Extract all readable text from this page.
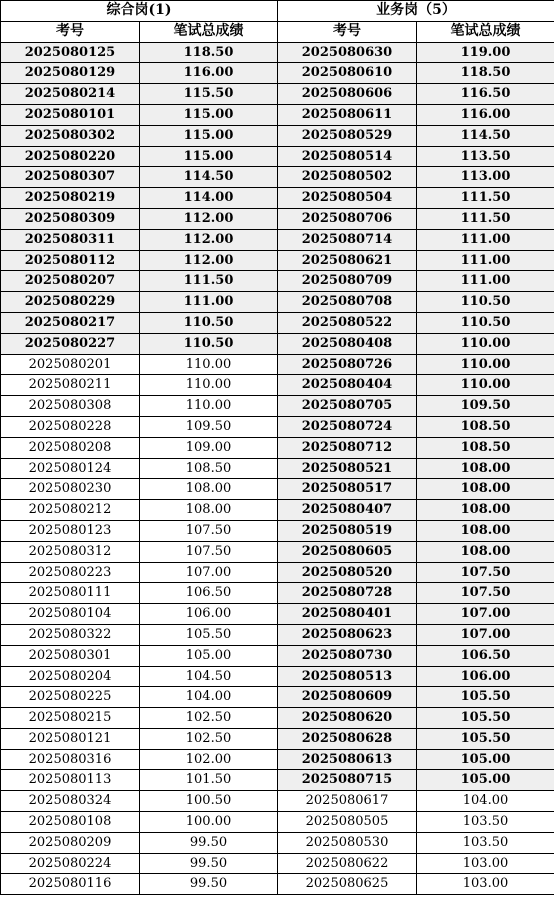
综合岗(1)		业务岗（5）	
考号	笔试总成绩	考号	笔试总成绩
2025080125	118.50	2025080630	119.00
2025080129	116.00	2025080610	118.50
2025080214	115.50	2025080606	116.50
2025080101	115.00	2025080611	116.00
2025080302	115.00	2025080529	114.50
2025080220	115.00	2025080514	113.50
2025080307	114.50	2025080502	113.00
2025080219	114.00	2025080504	111.50
2025080309	112.00	2025080706	111.50
2025080311	112.00	2025080714	111.00
2025080112	112.00	2025080621	111.00
2025080207	111.50	2025080709	111.00
2025080229	111.00	2025080708	110.50
2025080217	110.50	2025080522	110.50
2025080227	110.50	2025080408	110.00
2025080201	110.00	2025080726	110.00
2025080211	110.00	2025080404	110.00
2025080308	110.00	2025080705	109.50
2025080228	109.50	2025080724	108.50
2025080208	109.00	2025080712	108.50
2025080124	108.50	2025080521	108.00
2025080230	108.00	2025080517	108.00
2025080212	108.00	2025080407	108.00
2025080123	107.50	2025080519	108.00
2025080312	107.50	2025080605	108.00
2025080223	107.00	2025080520	107.50
2025080111	106.50	2025080728	107.50
2025080104	106.00	2025080401	107.00
2025080322	105.50	2025080623	107.00
2025080301	105.00	2025080730	106.50
2025080204	104.50	2025080513	106.00
2025080225	104.00	2025080609	105.50
2025080215	102.50	2025080620	105.50
2025080121	102.50	2025080628	105.50
2025080316	102.00	2025080613	105.00
2025080113	101.50	2025080715	105.00
2025080324	100.50	2025080617	104.00
2025080108	100.00	2025080505	103.50
2025080209	99.50	2025080530	103.50
2025080224	99.50	2025080622	103.00
2025080116	99.50	2025080625	103.00
